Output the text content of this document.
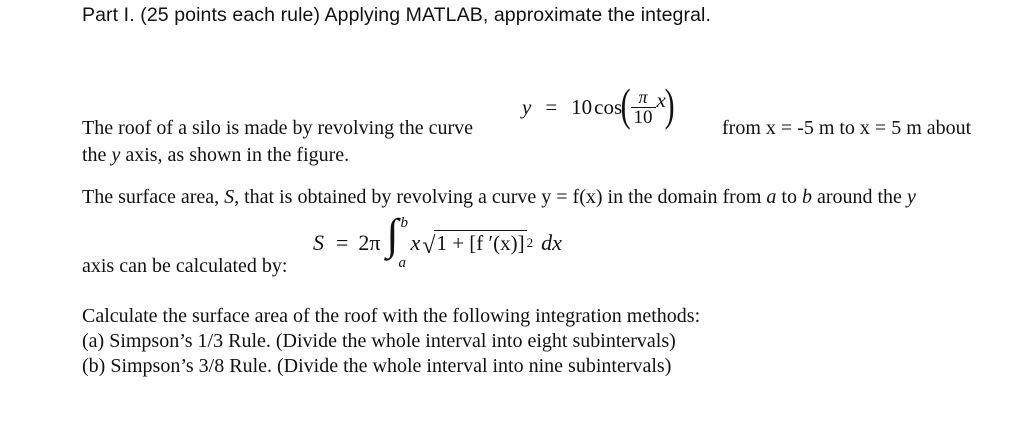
Part I. (25 points each rule) Applying MATLAB, approximate the integral.
y = 10 cos
( $\frac{\pi}{10}$ x
)
The roof of a silo is made by revolving the curve	from x = -5 m to x = 5 m about
the y axis, as shown in the figure.
The surface area, S, that is obtained by revolving a curve y = f(x) in the domain from a to b around the y
S = 2π ∫ b
a
x √ 1 + [f ′(x)] 2 dx
axis can be calculated by:
Calculate the surface area of the roof with the following integration methods:
(a) Simpson’s 1/3 Rule. (Divide the whole interval into eight subintervals)
(b) Simpson’s 3/8 Rule. (Divide the whole interval into nine subintervals)
